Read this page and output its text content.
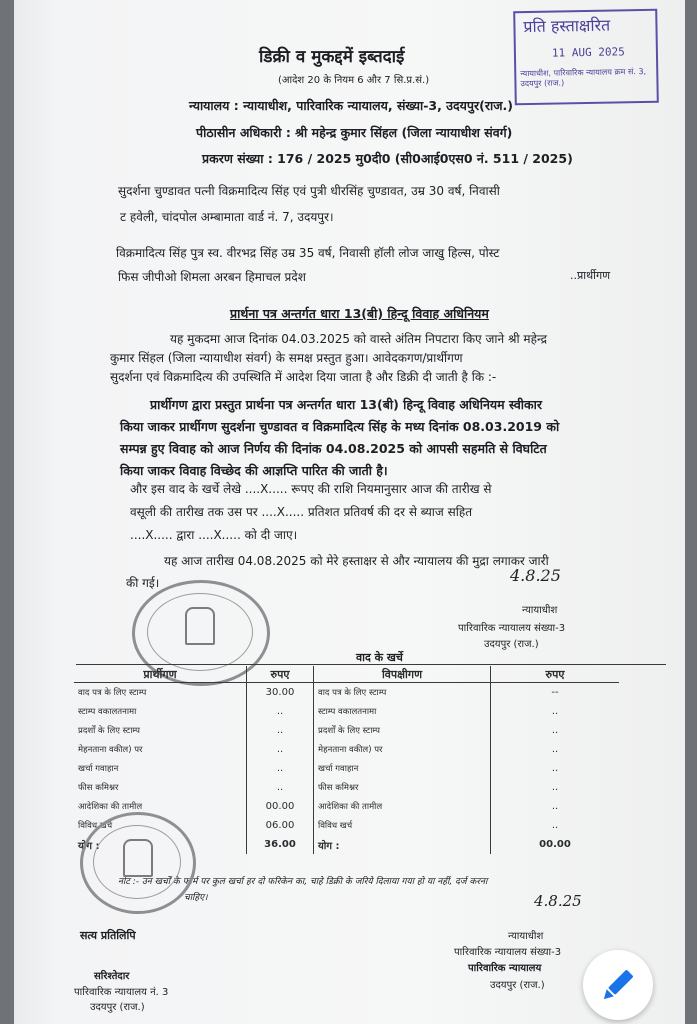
प्रति हस्ताक्षरित
11 AUG 2025
न्यायाधीश, पारिवारिक न्यायालय क्रम सं. 3, उदयपुर (राज.)
डिक्री व मुकद्दमें इब्तदाई
(आदेश 20 के नियम 6 और 7 सि.प्र.सं.)
न्यायालय : न्यायाधीश, पारिवारिक न्यायालय, संख्या-3, उदयपुर(राज.)
पीठासीन अधिकारी : श्री महेन्द्र कुमार सिंहल (जिला न्यायाधीश संवर्ग)
प्रकरण संख्या : 176 / 2025 मु0दी0 (सी0आई0एस0 नं. 511 / 2025)
सुदर्शना चुण्डावत पत्नी विक्रमादित्य सिंह एवं पुत्री धीरसिंह चुण्डावत, उम्र 30 वर्ष, निवासी
ट हवेली, चांदपोल अम्बामाता वार्ड नं. 7, उदयपुर।
विक्रमादित्य सिंह पुत्र स्व. वीरभद्र सिंह उम्र 35 वर्ष, निवासी हॉली लोज जाखु हिल्स, पोस्ट
फिस जीपीओ शिमला अरबन हिमाचल प्रदेश	..प्रार्थीगण
प्रार्थना पत्र अन्तर्गत धारा 13(बी) हिन्दू विवाह अधिनियम
यह मुकदमा आज दिनांक 04.03.2025 को वास्ते अंतिम निपटारा किए जाने श्री महेन्द्र
कुमार सिंहल (जिला न्यायाधीश संवर्ग) के समक्ष प्रस्तुत हुआ। आवेदकगण/प्रार्थीगण
सुदर्शना एवं विक्रमादित्य की उपस्थिति में आदेश दिया जाता है और डिक्री दी जाती है कि :-
प्रार्थीगण द्वारा प्रस्तुत प्रार्थना पत्र अन्तर्गत धारा 13(बी) हिन्दू विवाह अधिनियम स्वीकार
किया जाकर प्रार्थीगण सुदर्शना चुण्डावत व विक्रमादित्य सिंह के मध्य दिनांक 08.03.2019 को
सम्पन्न हुए विवाह को आज निर्णय की दिनांक 04.08.2025 को आपसी सहमति से विघटित
किया जाकर विवाह विच्छेद की आज्ञप्ति पारित की जाती है।
और इस वाद के खर्चे लेखे ....X..... रूपए की राशि नियमानुसार आज की तारीख से
वसूली की तारीख तक उस पर ....X..... प्रतिशत प्रतिवर्ष की दर से ब्याज सहित
....X..... द्वारा ....X..... को दी जाए।
यह आज तारीख 04.08.2025 को मेरे हस्ताक्षर से और न्यायालय की मुद्रा लगाकर जारी
की गई।	4.8.25
न्यायाधीश
पारिवारिक न्यायालय संख्या-3
उदयपुर (राज.)
वाद के खर्चे
प्रार्थीगण	रुपए	विपक्षीगण	रुपए
वाद पत्र के लिए स्टाम्प	30.00	वाद पत्र के लिए स्टाम्प	--
स्टाम्प वकालतनामा	..	स्टाम्प वकालतनामा	..
प्रदर्शों के लिए स्टाम्प	..	प्रदर्शों के लिए स्टाम्प	..
मेहनताना वकील) पर	..	मेहनताना वकील) पर	..
खर्चा गवाहान	..	खर्चा गवाहान	..
फीस कमिश्नर	..	फीस कमिश्नर	..
आदेशिका की तामील	00.00	आदेशिका की तामील	..
विविध खर्च	06.00	विविध खर्च	..
योग :	36.00	योग :	00.00
नोट :- उन खर्चों के फॉर्म पर कुल खर्चा हर दो फरिकेन का, चाहे डिक्री के जरिये दिलाया गया हो या नहीं, दर्ज करना
चाहिए।	4.8.25
न्यायाधीश
पारिवारिक न्यायालय संख्या-3
पारिवारिक न्यायालय
उदयपुर (राज.)
सत्य प्रतिलिपि
सरिश्तेदार
पारिवारिक न्यायालय नं. 3
उदयपुर (राज.)
